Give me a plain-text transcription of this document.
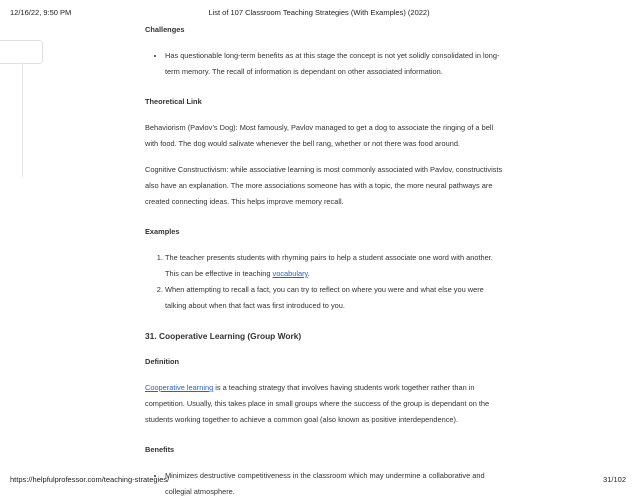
12/16/22, 9:50 PM	List of 107 Classroom Teaching Strategies (With Examples) (2022)

Challenges

• Has questionable long-term benefits as at this stage the concept is not yet solidly consolidated in long-term memory. The recall of information is dependant on other associated information.

Theoretical Link

Behaviorism (Pavlov’s Dog): Most famously, Pavlov managed to get a dog to associate the ringing of a bell with food. The dog would salivate whenever the bell rang, whether or not there was food around.

Cognitive Constructivism: while associative learning is most commonly associated with Pavlov, constructivists also have an explanation. The more associations someone has with a topic, the more neural pathways are created connecting ideas. This helps improve memory recall.

Examples

1. The teacher presents students with rhyming pairs to help a student associate one word with another. This can be effective in teaching vocabulary.
2. When attempting to recall a fact, you can try to reflect on where you were and what else you were talking about when that fact was first introduced to you.

31. Cooperative Learning (Group Work)

Definition

Cooperative learning is a teaching strategy that involves having students work together rather than in competition. Usually, this takes place in small groups where the success of the group is dependant on the students working together to achieve a common goal (also known as positive interdependence).

Benefits

• Minimizes destructive competitiveness in the classroom which may undermine a collaborative and collegial atmosphere.
https://helpfulprofessor.com/teaching-strategies/	31/102
